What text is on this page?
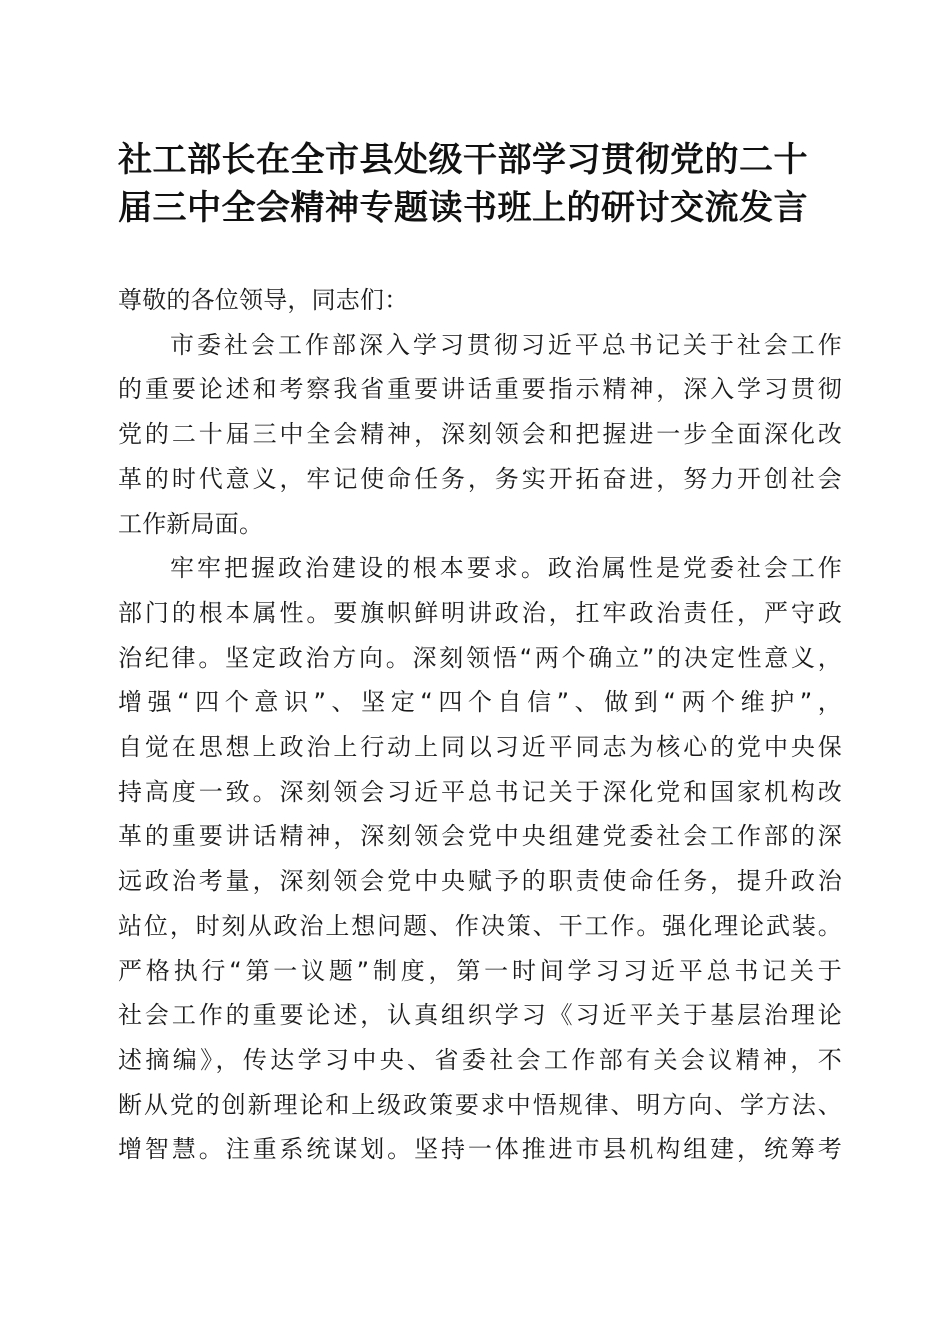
社工部长在全市县处级干部学习贯彻党的二十
届三中全会精神专题读书班上的研讨交流发言
尊敬的各位领导，同志们：
市委社会工作部深入学习贯彻习近平总书记关于社会工作
的重要论述和考察我省重要讲话重要指示精神，深入学习贯彻
党的二十届三中全会精神，深刻领会和把握进一步全面深化改
革的时代意义，牢记使命任务，务实开拓奋进，努力开创社会
工作新局面。
牢牢把握政治建设的根本要求。政治属性是党委社会工作
部门的根本属性。要旗帜鲜明讲政治，扛牢政治责任，严守政
治纪律。坚定政治方向。深刻领悟“两个确立”的决定性意义，
增强“四个意识”、坚定“四个自信”、做到“两个维护”，
自觉在思想上政治上行动上同以习近平同志为核心的党中央保
持高度一致。深刻领会习近平总书记关于深化党和国家机构改
革的重要讲话精神，深刻领会党中央组建党委社会工作部的深
远政治考量，深刻领会党中央赋予的职责使命任务，提升政治
站位，时刻从政治上想问题、作决策、干工作。强化理论武装。
严格执行“第一议题”制度，第一时间学习习近平总书记关于
社会工作的重要论述，认真组织学习《习近平关于基层治理论
述摘编》，传达学习中央、省委社会工作部有关会议精神，不
断从党的创新理论和上级政策要求中悟规律、明方向、学方法、
增智慧。注重系统谋划。坚持一体推进市县机构组建，统筹考
